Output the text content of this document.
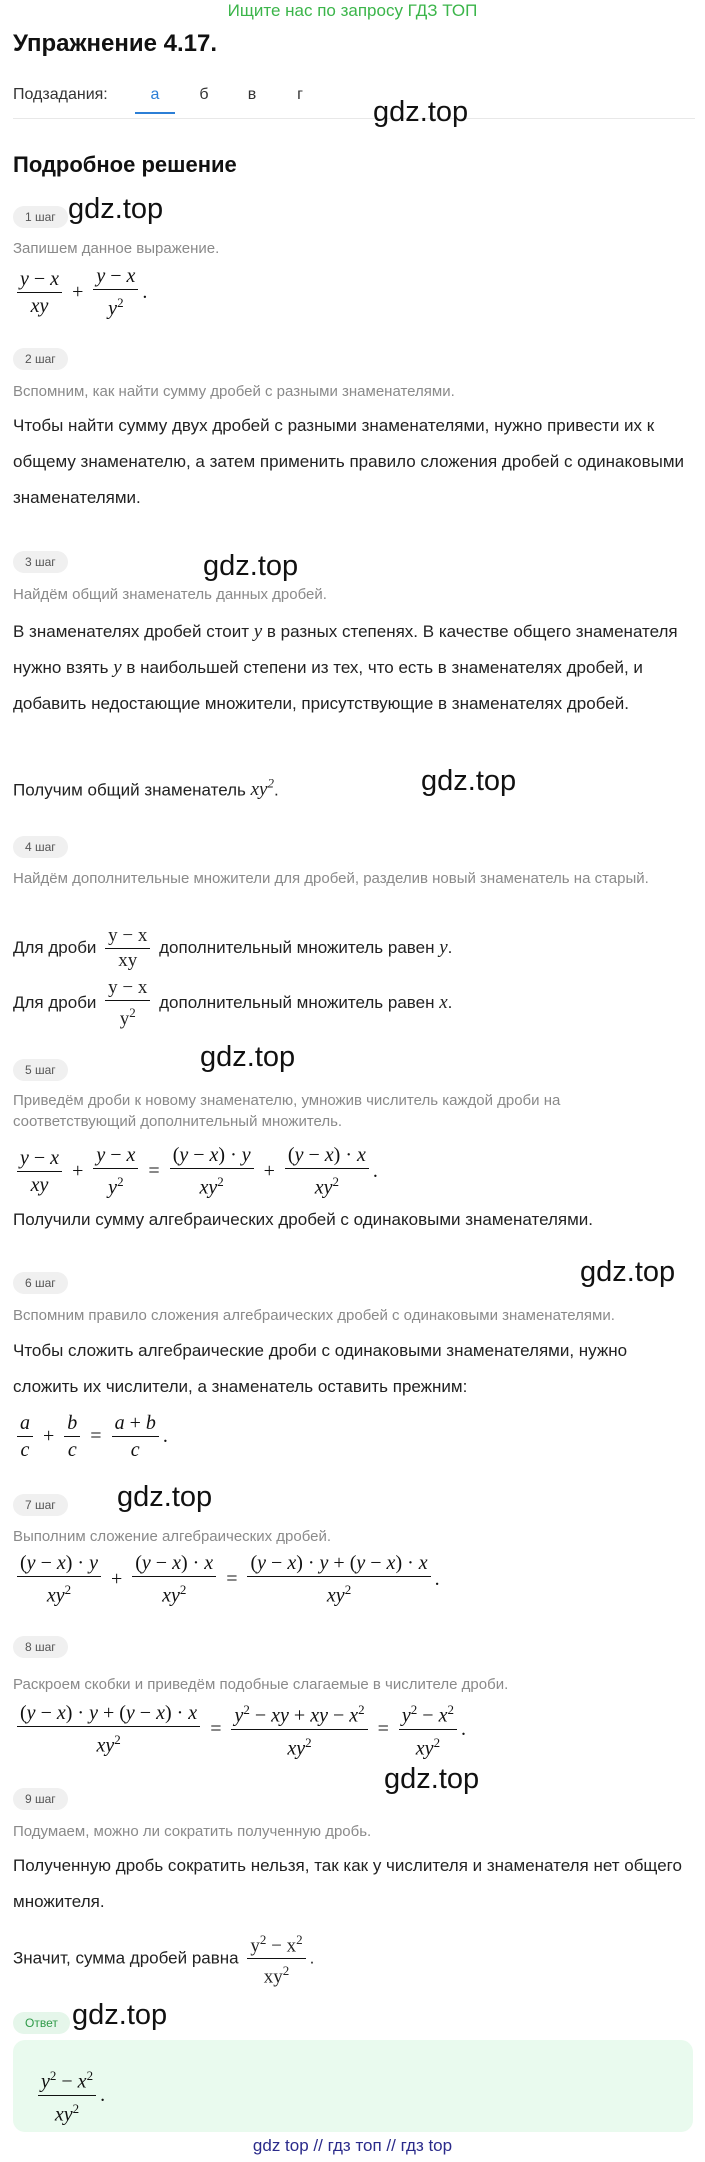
Ищите нас по запросу ГДЗ ТОП
Упражнение 4.17.
Подзадания:	а	б	в	г
Подробное решение
gdz.top
gdz.top
gdz.top
gdz.top
gdz.top
gdz.top
gdz.top
gdz.top
gdz.top
1 шаг
Запишем данное выражение.
$\frac{y - x}{xy} + \frac{y - x}{y^2}$ .
2 шаг
Вспомним, как найти сумму дробей с разными знаменателями.
Чтобы найти сумму двух дробей с разными знаменателями, нужно привести их к общему знаменателю, а затем применить правило сложения дробей с одинаковыми знаменателями.
3 шаг
Найдём общий знаменатель данных дробей.
В знаменателях дробей стоит y в разных степенях. В качестве общего знаменателя нужно взять y в наибольшей степени из тех, что есть в знаменателях дробей, и добавить недостающие множители, присутствующие в знаменателях дробей.
Получим общий знаменатель $xy^2$.
4 шаг
Найдём дополнительные множители для дробей, разделив новый знаменатель на старый.
Для дроби $\frac{y - x}{xy}$ дополнительный множитель равен y.
Для дроби $\frac{y - x}{y^2}$ дополнительный множитель равен x.
5 шаг
Приведём дроби к новому знаменателю, умножив числитель каждой дроби на соответствующий дополнительный множитель.
$\frac{y - x}{xy} + \frac{y - x}{y^2} = \frac{(y - x) \cdot y}{xy^2} + \frac{(y - x) \cdot x}{xy^2}$ .
Получили сумму алгебраических дробей с одинаковыми знаменателями.
6 шаг
Вспомним правило сложения алгебраических дробей с одинаковыми знаменателями.
Чтобы сложить алгебраические дроби с одинаковыми знаменателями, нужно сложить их числители, а знаменатель оставить прежним:
$\frac{a}{c} + \frac{b}{c} = \frac{a + b}{c}$ .
7 шаг
Выполним сложение алгебраических дробей.
$\frac{(y - x) \cdot y}{xy^2} + \frac{(y - x) \cdot x}{xy^2} = \frac{(y - x) \cdot y + (y - x) \cdot x}{xy^2}$ .
8 шаг
Раскроем скобки и приведём подобные слагаемые в числителе дроби.
$\frac{(y - x) \cdot y + (y - x) \cdot x}{xy^2} = \frac{y^2 - xy + xy - x^2}{xy^2} = \frac{y^2 - x^2}{xy^2}$ .
9 шаг
Подумаем, можно ли сократить полученную дробь.
Полученную дробь сократить нельзя, так как у числителя и знаменателя нет общего множителя.
Значит, сумма дробей равна $\frac{y^2 - x^2}{xy^2}$ .
Ответ
$\frac{y^2 - x^2}{xy^2}$ .
gdz top // гдз топ // гдз top
